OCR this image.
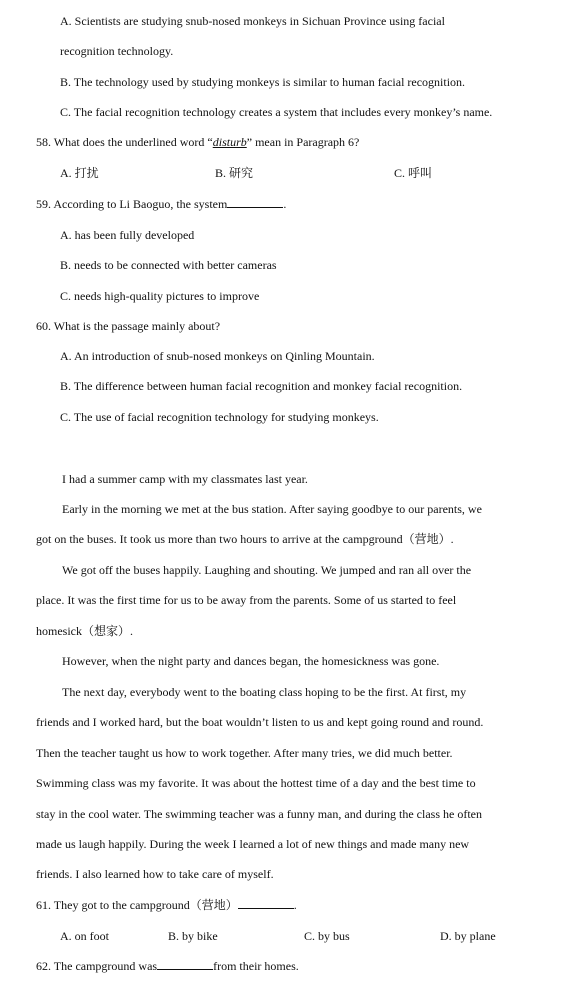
A. Scientists are studying snub-nosed monkeys in Sichuan Province using facial
recognition technology.
B. The technology used by studying monkeys is similar to human facial recognition.
C. The facial recognition technology creates a system that includes every monkey’s name.
58. What does the underlined word “disturb” mean in Paragraph 6?
A. 打扰	B. 研究	C. 呼叫
59. According to Li Baoguo, the system	.
A. has been fully developed
B. needs to be connected with better cameras
C. needs high-quality pictures to improve
60. What is the passage mainly about?
A. An introduction of snub-nosed monkeys on Qinling Mountain.
B. The difference between human facial recognition and monkey facial recognition.
C. The use of facial recognition technology for studying monkeys.
I had a summer camp with my classmates last year.
Early in the morning we met at the bus station. After saying goodbye to our parents, we
got on the buses. It took us more than two hours to arrive at the campground（营地）.
We got off the buses happily. Laughing and shouting. We jumped and ran all over the
place. It was the first time for us to be away from the parents. Some of us started to feel
homesick（想家）.
However, when the night party and dances began, the homesickness was gone.
The next day, everybody went to the boating class hoping to be the first. At first, my
friends and I worked hard, but the boat wouldn’t listen to us and kept going round and round.
Then the teacher taught us how to work together. After many tries, we did much better.
Swimming class was my favorite. It was about the hottest time of a day and the best time to
stay in the cool water. The swimming teacher was a funny man, and during the class he often
made us laugh happily. During the week I learned a lot of new things and made many new
friends. I also learned how to take care of myself.
61. They got to the campground（营地）	.
A. on foot	B. by bike	C. by bus	D. by plane
62. The campground was	from their homes.
